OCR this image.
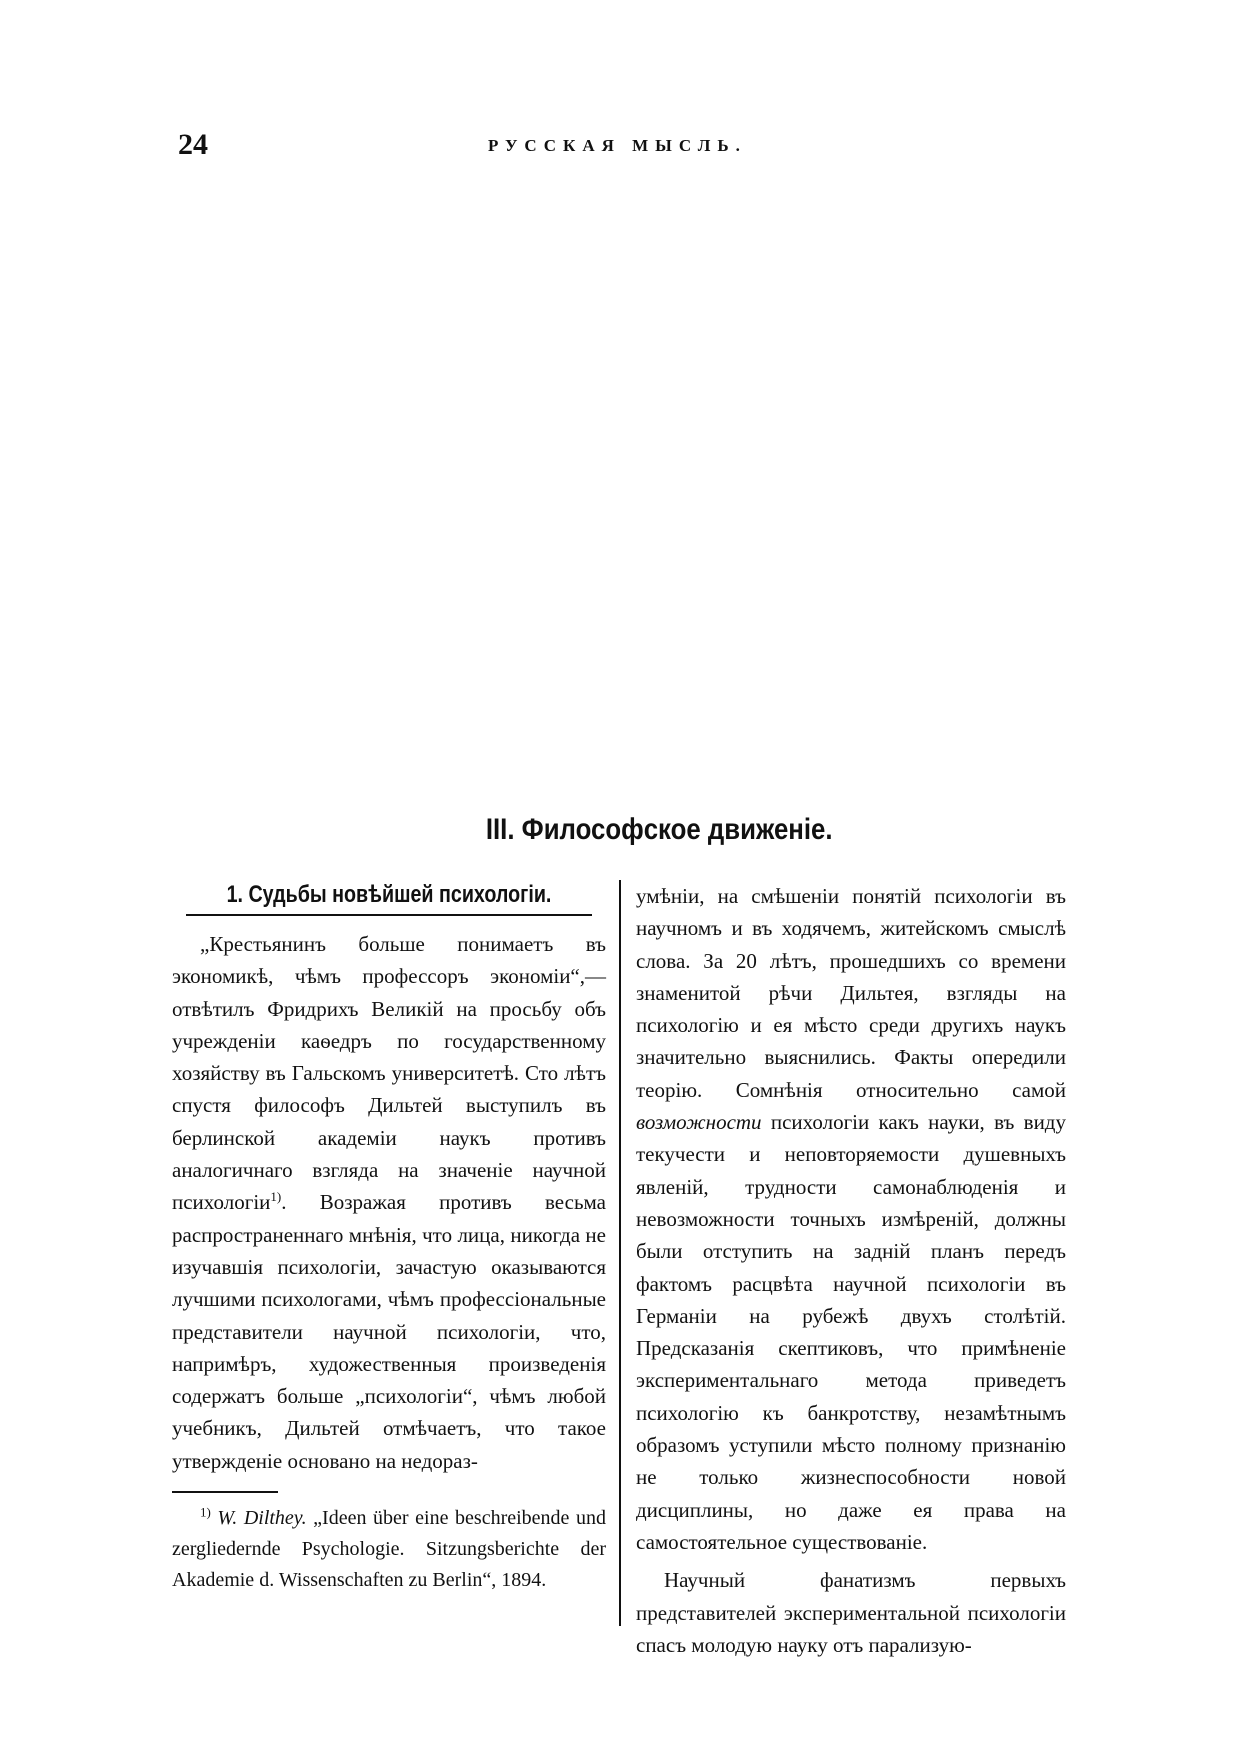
24	РУССКАЯ МЫСЛЬ.
III. Философское движенiе.
1. Судьбы новѣйшей психологiи.

„Крестьянинъ больше понимаетъ въ экономикѣ, чѣмъ профессоръ экономiи“,—отвѣтилъ Фридрихъ Великiй на просьбу объ учрежденiи каѳедръ по государственному хозяйству въ Гальскомъ университетѣ. Сто лѣтъ спустя философъ Дильтей выступилъ въ берлинской академiи наукъ противъ аналогичнаго взгляда на значенiе научной психологiи$^{1)}$. Возражая противъ весьма распространеннаго мнѣнiя, что лица, никогда не изучавшiя психологiи, зачастую оказываются лучшими психологами, чѣмъ профессiональные представители научной психологiи, что, напримѣръ, художественныя произведенiя содержатъ больше „психологiи“, чѣмъ любой учебникъ, Дильтей отмѣчаетъ, что такое утвержденiе основано на недораз-

$^{1)}$ W. Dilthey. „Ideen über eine beschreibende und zergliedernde Psychologie. Sitzungsberichte der Akademie d. Wissenschaften zu Berlin“, 1894.

умѣнiи, на смѣшенiи понятiй психологiи въ научномъ и въ ходячемъ, житейскомъ смыслѣ слова. За 20 лѣтъ, прошедшихъ со времени знаменитой рѣчи Дильтея, взгляды на психологiю и ея мѣсто среди другихъ наукъ значительно выяснились. Факты опередили теорiю. Сомнѣнiя относительно самой возможности психологiи какъ науки, въ виду текучести и неповторяемости душевныхъ явленiй, трудности самонаблюденiя и невозможности точныхъ измѣренiй, должны были отступить на заднiй планъ передъ фактомъ расцвѣта научной психологiи въ Германiи на рубежѣ двухъ столѣтiй. Предсказанiя скептиковъ, что примѣненiе экспериментальнаго метода приведетъ психологiю къ банкротству, незамѣтнымъ образомъ уступили мѣсто полному признанiю не только жизнеспособности новой дисциплины, но даже ея права на самостоятельное существованiе.

Научный фанатизмъ первыхъ представителей экспериментальной психологiи спасъ молодую науку отъ парализую-
